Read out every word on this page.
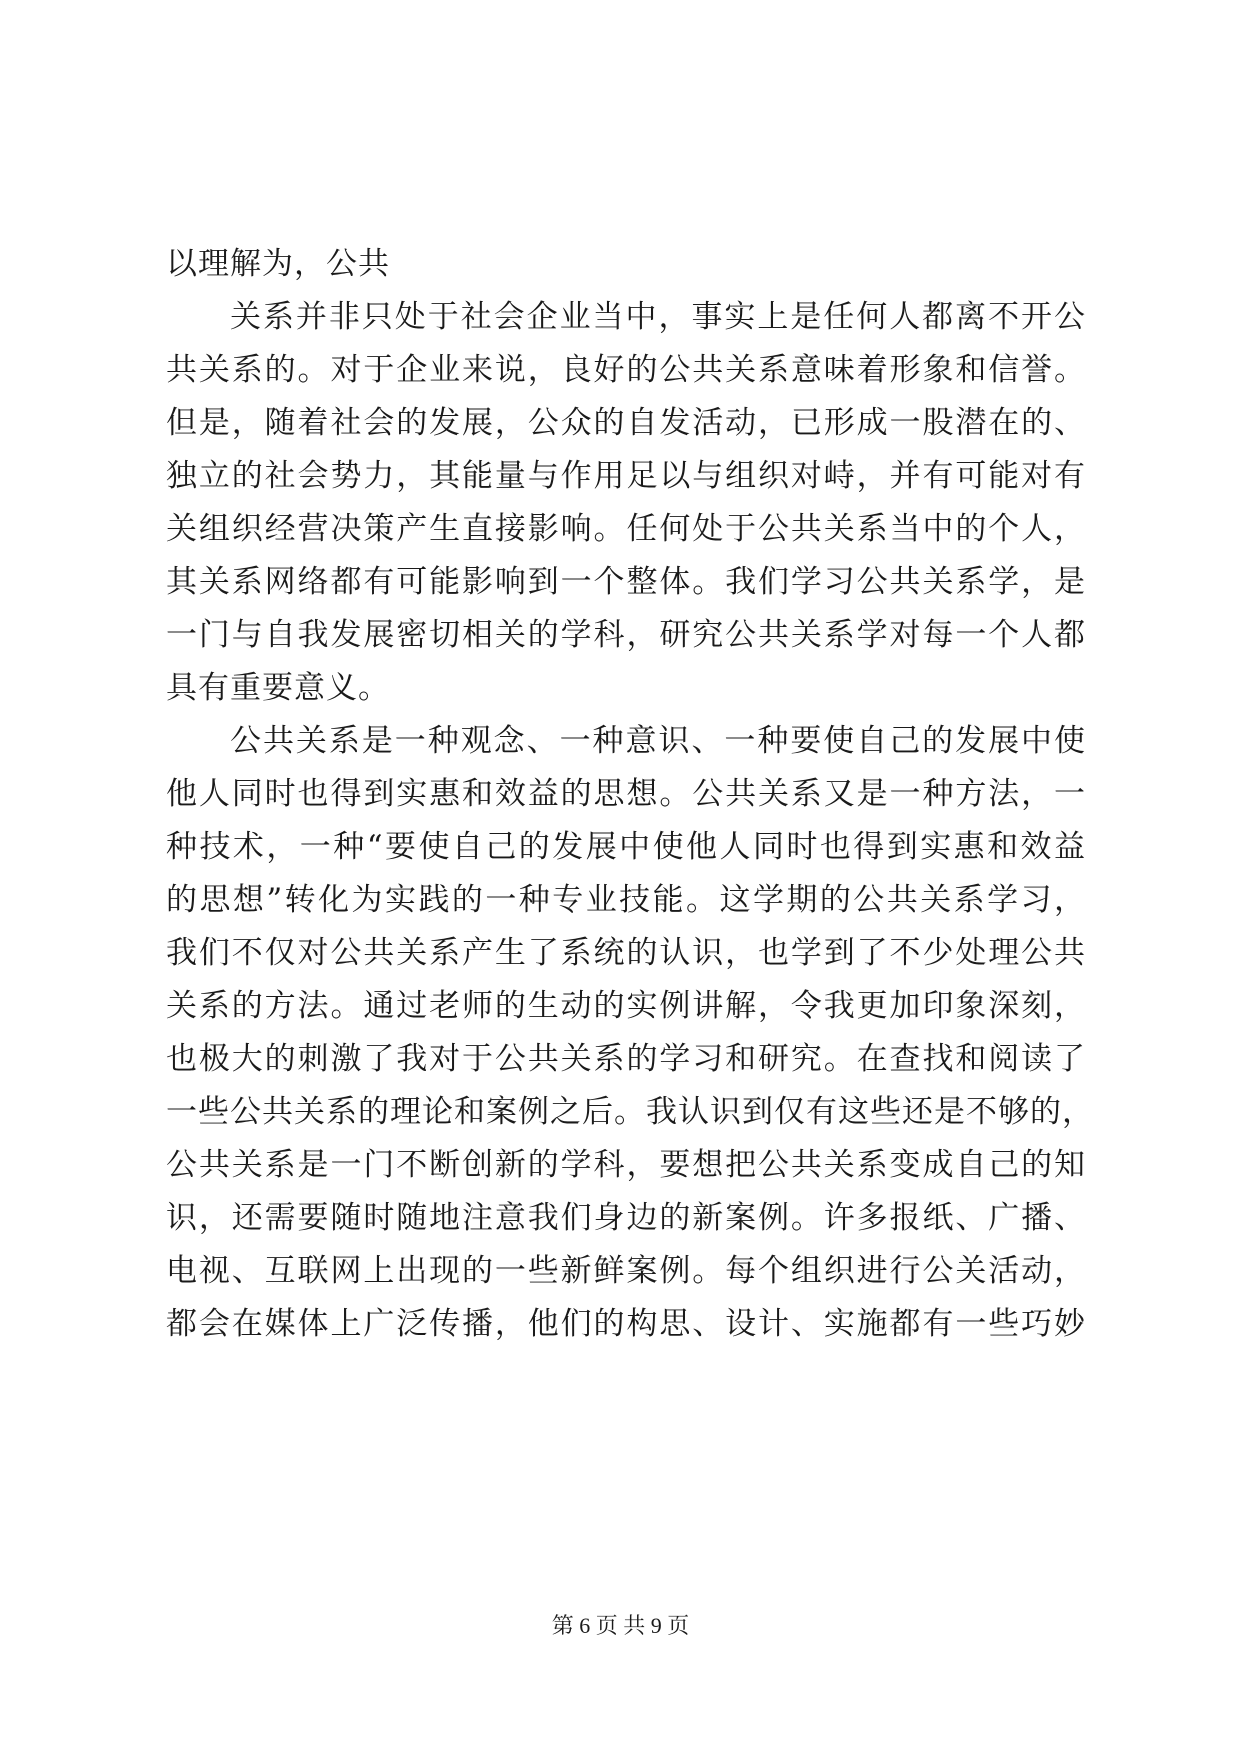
以理解为，公共
关系并非只处于社会企业当中，事实上是任何人都离不开公
共关系的。对于企业来说，良好的公共关系意味着形象和信誉。
但是，随着社会的发展，公众的自发活动，已形成一股潜在的、
独立的社会势力，其能量与作用足以与组织对峙，并有可能对有
关组织经营决策产生直接影响。任何处于公共关系当中的个人，
其关系网络都有可能影响到一个整体。我们学习公共关系学，是
一门与自我发展密切相关的学科，研究公共关系学对每一个人都
具有重要意义。
公共关系是一种观念、一种意识、一种要使自己的发展中使
他人同时也得到实惠和效益的思想。公共关系又是一种方法，一
种技术，一种“要使自己的发展中使他人同时也得到实惠和效益
的思想”转化为实践的一种专业技能。这学期的公共关系学习，
我们不仅对公共关系产生了系统的认识，也学到了不少处理公共
关系的方法。通过老师的生动的实例讲解，令我更加印象深刻，
也极大的刺激了我对于公共关系的学习和研究。在查找和阅读了
一些公共关系的理论和案例之后。我认识到仅有这些还是不够的，
公共关系是一门不断创新的学科，要想把公共关系变成自己的知
识，还需要随时随地注意我们身边的新案例。许多报纸、广播、
电视、互联网上出现的一些新鲜案例。每个组织进行公关活动，
都会在媒体上广泛传播，他们的构思、设计、实施都有一些巧妙
第 6 页 共 9 页
